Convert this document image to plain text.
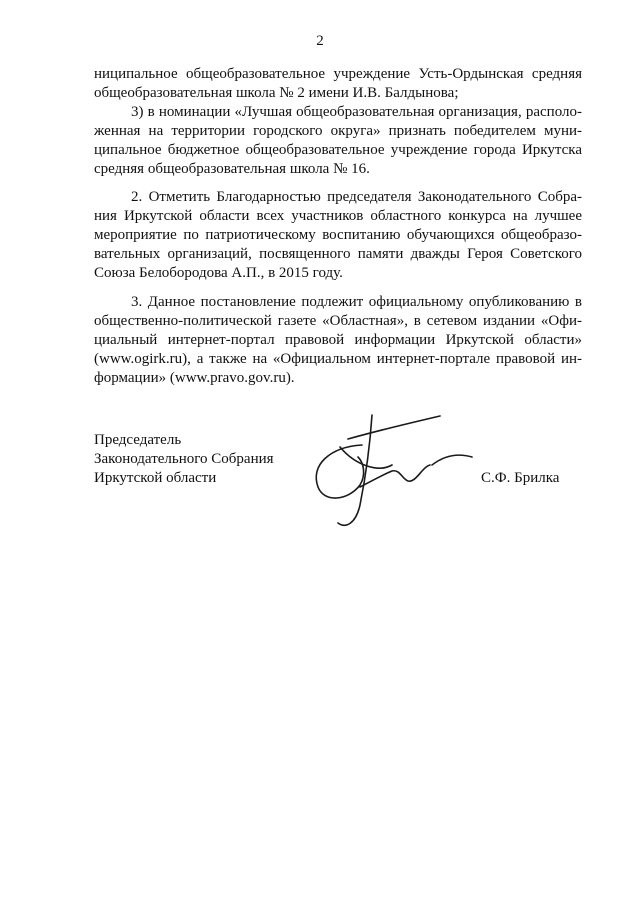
2
ниципальное общеобразовательное учреждение Усть-Ордынская средняя
общеобразовательная школа № 2 имени И.В. Балдынова;
3) в номинации «Лучшая общеобразовательная организация, располо-
женная на территории городского округа» признать победителем муни-
ципальное бюджетное общеобразовательное учреждение города Иркутска
средняя общеобразовательная школа № 16.
2. Отметить Благодарностью председателя Законодательного Собра-
ния Иркутской области всех участников областного конкурса на лучшее
мероприятие по патриотическому воспитанию обучающихся общеобразо-
вательных организаций, посвященного памяти дважды Героя Советского
Союза Белобородова А.П., в 2015 году.
3. Данное постановление подлежит официальному опубликованию в
общественно-политической газете «Областная», в сетевом издании «Офи-
циальный интернет-портал правовой информации Иркутской области»
(www.ogirk.ru), а также на «Официальном интернет-портале правовой ин-
формации» (www.pravo.gov.ru).
Председатель
Законодательного Собрания
Иркутской области	С.Ф. Брилка
